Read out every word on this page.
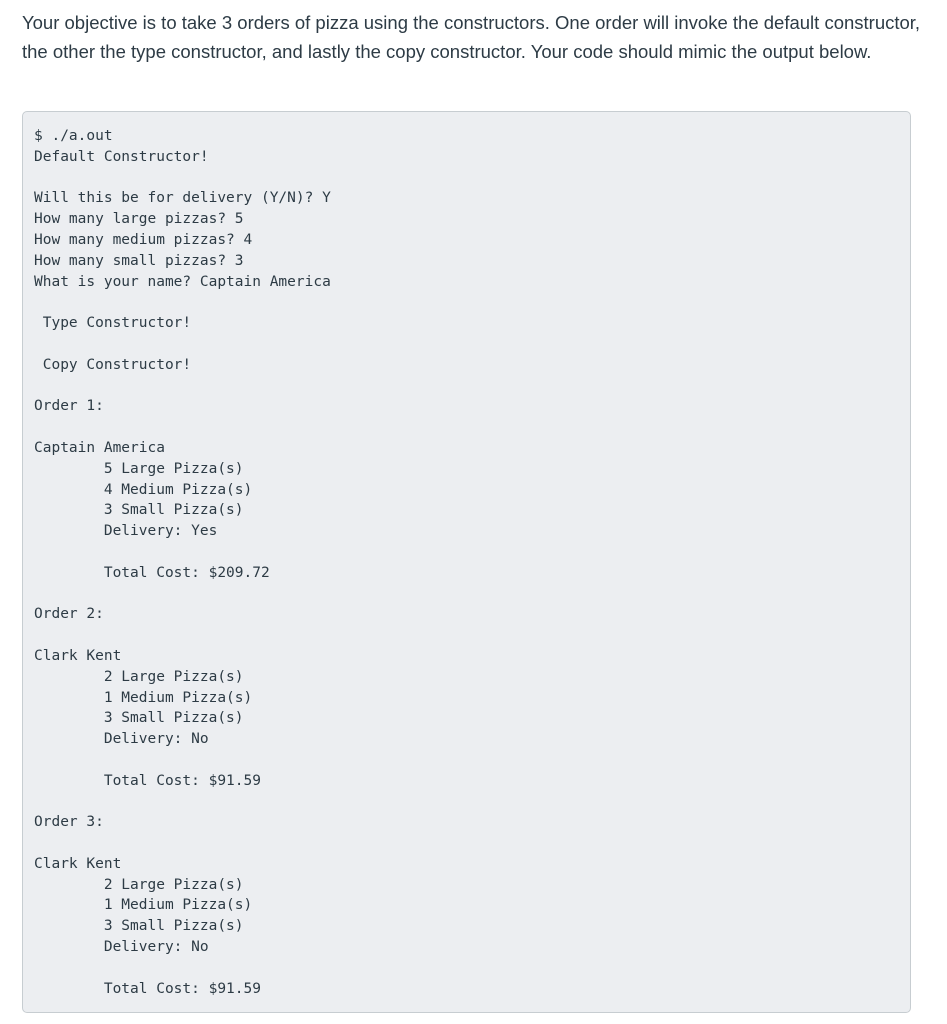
Your objective is to take 3 orders of pizza using the constructors. One order will invoke the default constructor, the other the type constructor, and lastly the copy constructor. Your code should mimic the output below.

$ ./a.out
Default Constructor!
Will this be for delivery (Y/N)? Y
How many large pizzas? 5
How many medium pizzas? 4
How many small pizzas? 3
What is your name? Captain America
Type Constructor!
Copy Constructor!
Order 1:
Captain America
5 Large Pizza(s)
4 Medium Pizza(s)
3 Small Pizza(s)
Delivery: Yes
Total Cost: $209.72
Order 2:
Clark Kent
2 Large Pizza(s)
1 Medium Pizza(s)
3 Small Pizza(s)
Delivery: No
Total Cost: $91.59
Order 3:
Clark Kent
2 Large Pizza(s)
1 Medium Pizza(s)
3 Small Pizza(s)
Delivery: No
Total Cost: $91.59
